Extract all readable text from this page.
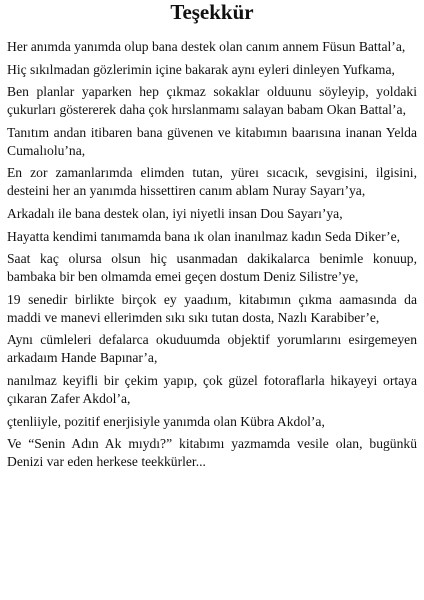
Teşekkür

Her anımda yanımda olup bana destek olan canım annem Füsun Battal’a,

Hiç sıkılmadan gözlerimin içine bakarak aynı eyleri dinleyen Yufkama,

Ben planlar yaparken hep çıkmaz sokaklar olduunu söyleyip, yoldaki çukurları göstererek daha çok hırslanmamı salayan babam Okan Battal’a,

Tanıtım andan itibaren bana güvenen ve kitabımın baarısına inanan Yelda Cumalıolu’na,

En zor zamanlarımda elimden tutan, yüreı sıcacık, sevgisini, ilgisini, desteini her an yanımda hissettiren canım ablam Nuray Sayarı’ya,

Arkadalı ile bana destek olan, iyi niyetli insan Dou Sayarı’ya,

Hayatta kendimi tanımamda bana ık olan inanılmaz kadın Seda Diker’e,

Saat kaç olursa olsun hiç usanmadan dakikalarca benimle konuup, bambaka bir ben olmamda emei geçen dostum Deniz Silistre’ye,

19 senedir birlikte birçok ey yaadıım, kitabımın çıkma aamasında da maddi ve manevi ellerimden sıkı sıkı tutan dosta, Nazlı Karabiber’e,

Aynı cümleleri defalarca okuduumda objektif yorumlarını esirgemeyen arkadaım Hande Bapınar’a,

nanılmaz keyifli bir çekim yapıp, çok güzel fotoraflarla hikayeyi ortaya çıkaran Zafer Akdol’a,

çtenliiyle, pozitif enerjisiyle yanımda olan Kübra Akdol’a,

Ve “Senin Adın Ak mıydı?” kitabımı yazmamda vesile olan, bugünkü Denizi var eden herkese teekkürler...
